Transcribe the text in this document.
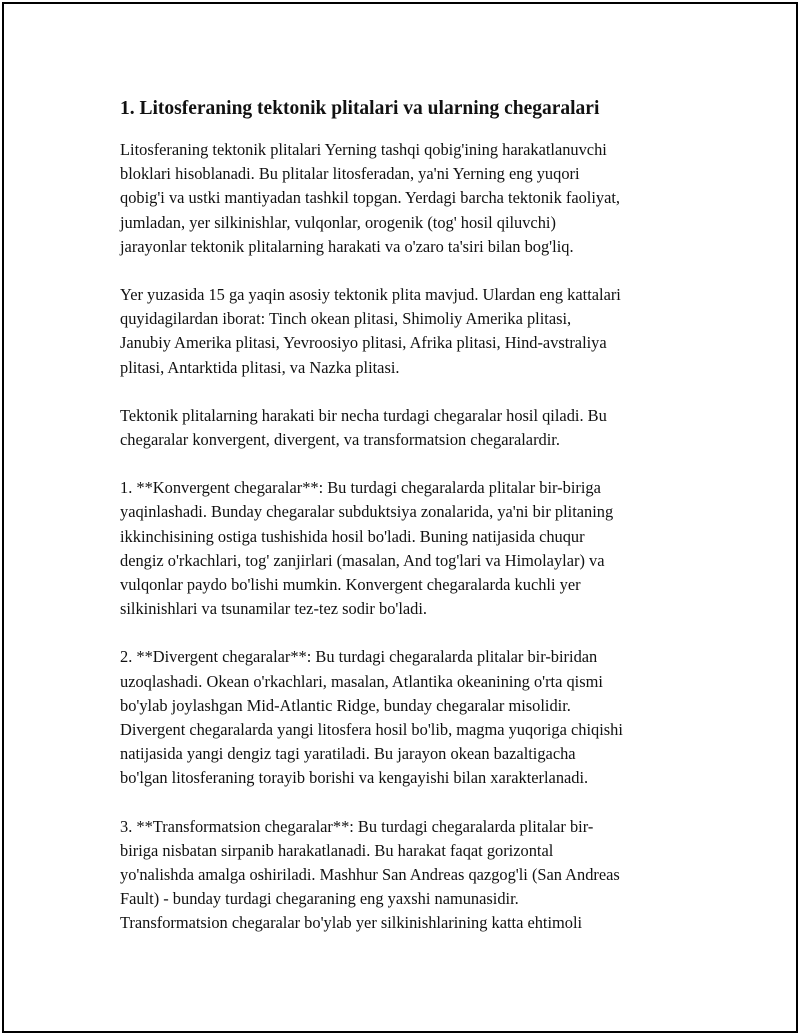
1. Litosferaning tektonik plitalari va ularning chegaralari

Litosferaning tektonik plitalari Yerning tashqi qobig'ining harakatlanuvchi
bloklari hisoblanadi. Bu plitalar litosferadan, ya'ni Yerning eng yuqori
qobig'i va ustki mantiyadan tashkil topgan. Yerdagi barcha tektonik faoliyat,
jumladan, yer silkinishlar, vulqonlar, orogenik (tog' hosil qiluvchi)
jarayonlar tektonik plitalarning harakati va o'zaro ta'siri bilan bog'liq.

Yer yuzasida 15 ga yaqin asosiy tektonik plita mavjud. Ulardan eng kattalari
quyidagilardan iborat: Tinch okean plitasi, Shimoliy Amerika plitasi,
Janubiy Amerika plitasi, Yevroosiyo plitasi, Afrika plitasi, Hind-avstraliya
plitasi, Antarktida plitasi, va Nazka plitasi.

Tektonik plitalarning harakati bir necha turdagi chegaralar hosil qiladi. Bu
chegaralar konvergent, divergent, va transformatsion chegaralardir.

1. **Konvergent chegaralar**: Bu turdagi chegaralarda plitalar bir-biriga
yaqinlashadi. Bunday chegaralar subduktsiya zonalarida, ya'ni bir plitaning
ikkinchisining ostiga tushishida hosil bo'ladi. Buning natijasida chuqur
dengiz o'rkachlari, tog' zanjirlari (masalan, And tog'lari va Himolaylar) va
vulqonlar paydo bo'lishi mumkin. Konvergent chegaralarda kuchli yer
silkinishlari va tsunamilar tez-tez sodir bo'ladi.

2. **Divergent chegaralar**: Bu turdagi chegaralarda plitalar bir-biridan
uzoqlashadi. Okean o'rkachlari, masalan, Atlantika okeanining o'rta qismi
bo'ylab joylashgan Mid-Atlantic Ridge, bunday chegaralar misolidir.
Divergent chegaralarda yangi litosfera hosil bo'lib, magma yuqoriga chiqishi
natijasida yangi dengiz tagi yaratiladi. Bu jarayon okean bazaltigacha
bo'lgan litosferaning torayib borishi va kengayishi bilan xarakterlanadi.

3. **Transformatsion chegaralar**: Bu turdagi chegaralarda plitalar bir-
biriga nisbatan sirpanib harakatlanadi. Bu harakat faqat gorizontal
yo'nalishda amalga oshiriladi. Mashhur San Andreas qazgog'li (San Andreas
Fault) - bunday turdagi chegaraning eng yaxshi namunasidir.
Transformatsion chegaralar bo'ylab yer silkinishlarining katta ehtimoli
